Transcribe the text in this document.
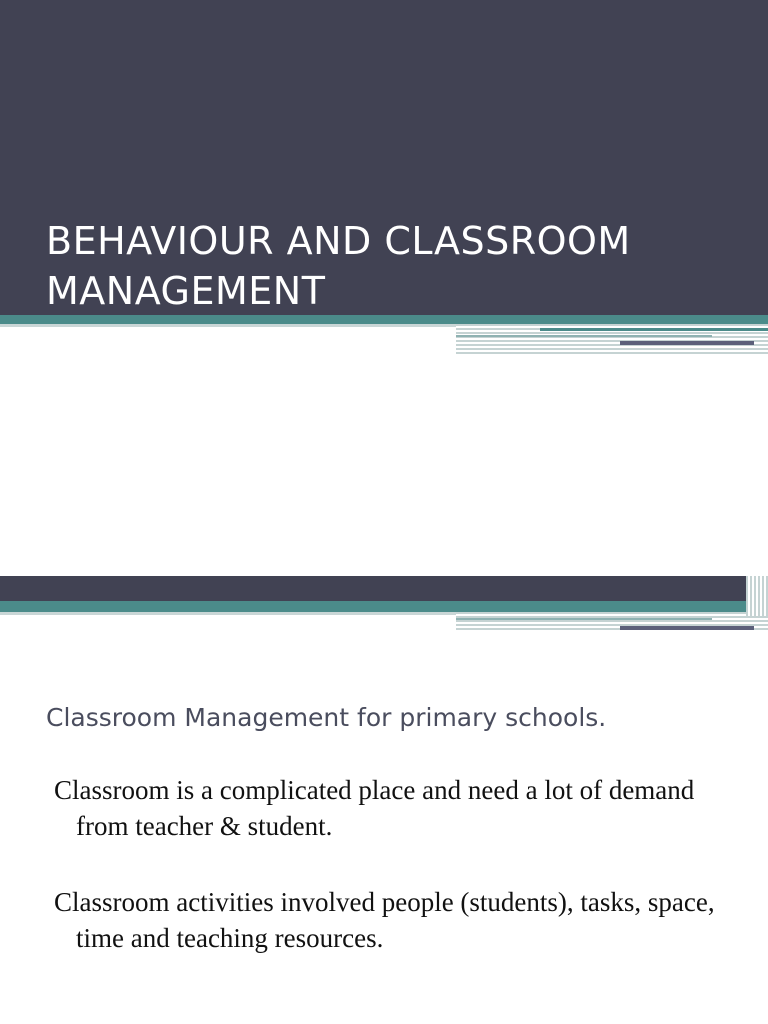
BEHAVIOUR AND CLASSROOM
MANAGEMENT
Classroom Management for primary schools.
Classroom is a complicated place and need a lot of demand from teacher & student.
Classroom activities involved people (students), tasks, space, time and teaching resources.
